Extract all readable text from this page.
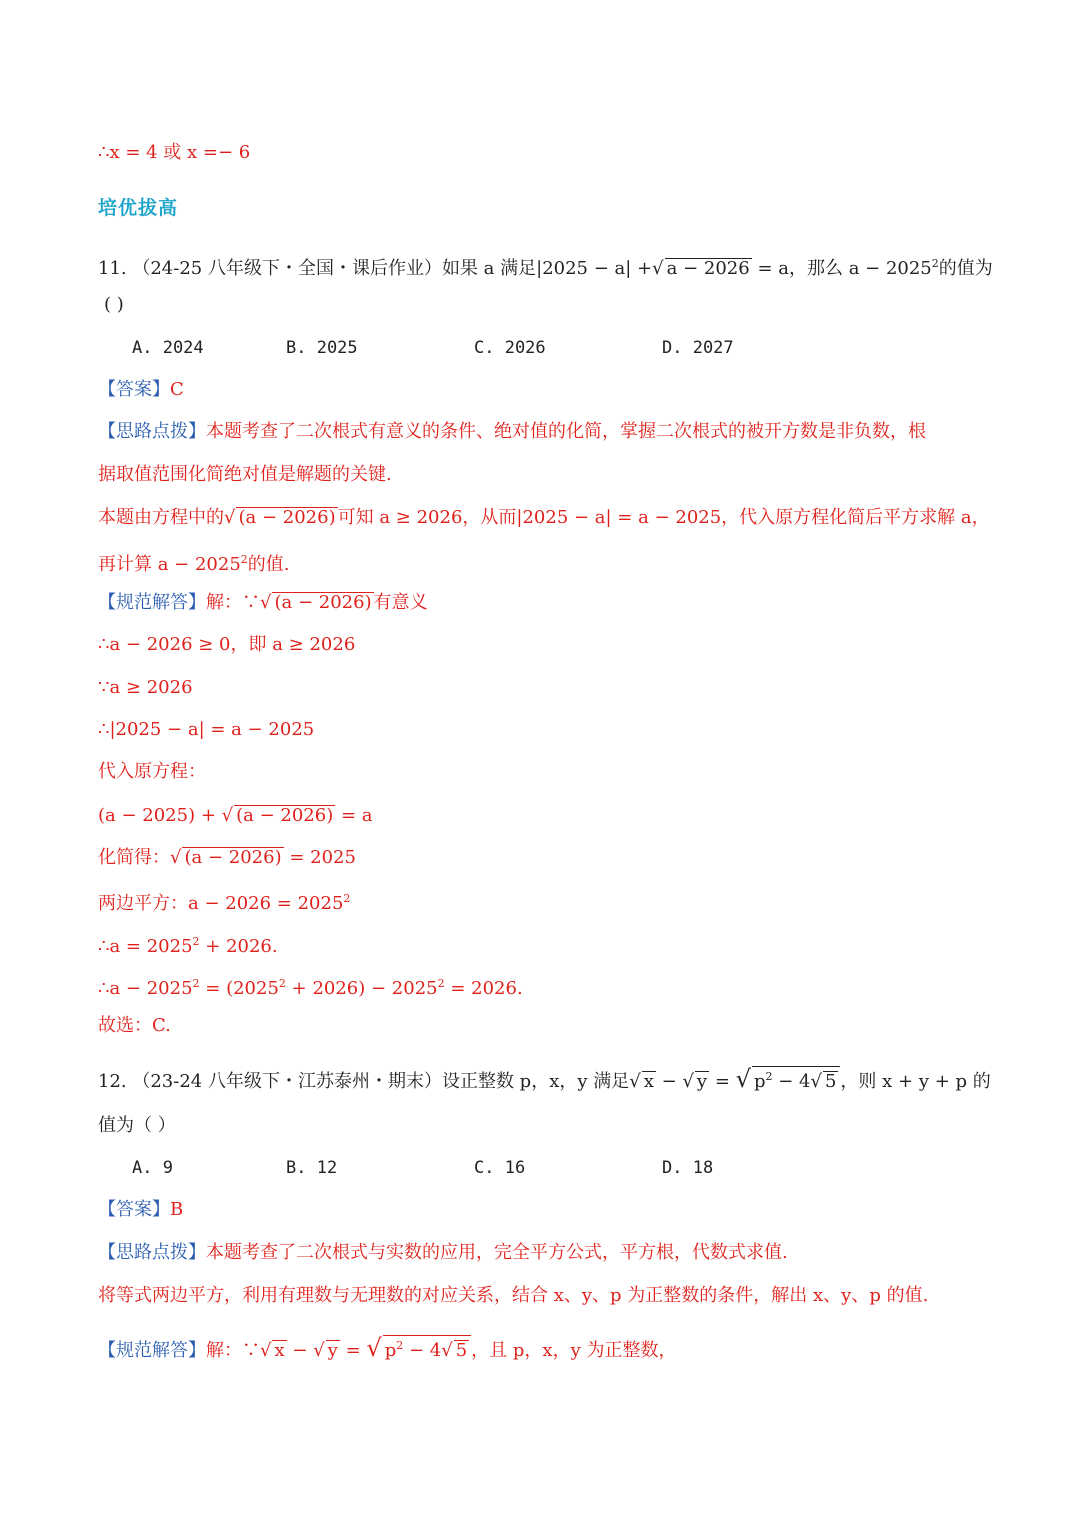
∴x = 4 或 x =− 6
培优拔高
11. （24-25 八年级下・全国・课后作业）如果 a 满足|2025 − a| +√ a − 2026 = a，那么 $a - 2025^2$的值为
( )
A. 2024	B. 2025	C. 2026	D. 2027
【答案】C
【思路点拨】本题考查了二次根式有意义的条件、绝对值的化简，掌握二次根式的被开方数是非负数，根
据取值范围化简绝对值是解题的关键.
本题由方程中的√ (a − 2026) 可知 a ≥ 2026，从而|2025 − a| = a − 2025，代入原方程化简后平方求解 a，
再计算 $a - 2025^2$的值.
【规范解答】解：∵√ (a − 2026) 有意义
∴a − 2026 ≥ 0，即 a ≥ 2026
∵a ≥ 2026
∴|2025 − a| = a − 2025
代入原方程：
(a − 2025) + √ (a − 2026) = a
化简得：√ (a − 2026) = 2025
两边平方：$a - 2026 = 2025^2$
∴a = $2025^2 + 2026$.
∴a − $2025^2 = (2025^2 + 2026) - 2025^2 = 2026$.
故选：C.
12. （23-24 八年级下・江苏泰州・期末）设正整数 p，x，y 满足√ x − √ y = √ $p^2 - 4√$ 5 ，则 x + y + p 的
值为（ ）
A. 9	B. 12	C. 16	D. 18
【答案】B
【思路点拨】本题考查了二次根式与实数的应用，完全平方公式，平方根，代数式求值.
将等式两边平方，利用有理数与无理数的对应关系，结合 x、y、p 为正整数的条件，解出 x、y、p 的值.
【规范解答】解：∵√ x − √ y = √ $p^2 - 4√$ 5 ，且 p，x，y 为正整数，
